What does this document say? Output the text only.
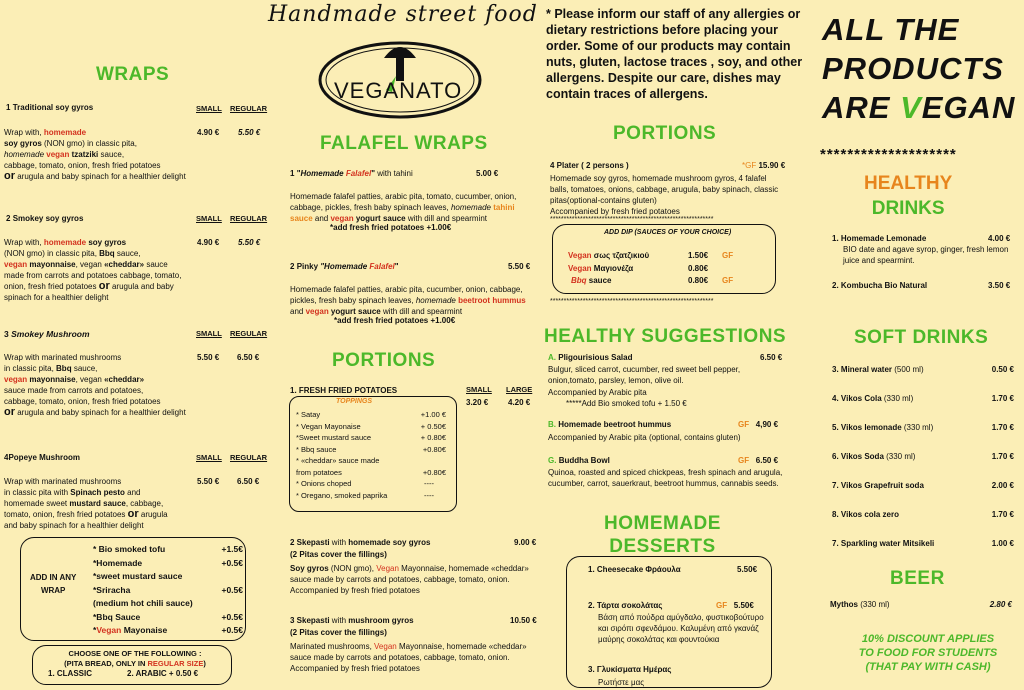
Handmade street food
VEGANATO
* Please inform our staff of any allergies or dietary restrictions before placing your order. Some of our products may contain nuts, gluten, lactose traces , soy, and other allergens. Despite our care, dishes may contain traces of allergens.
ALL THE
PRODUCTS
ARE VEGAN
********************
WRAPS
1 Traditional soy gyros	SMALL REGULAR
4.90 € 5.50 €
Wrap with, homemade
soy gyros (NON gmo) in classic pita,
homemade vegan tzatziki sauce,
cabbage, tomato, onion, fresh fried potatoes
or arugula and baby spinach for a healthier delight
2 Smokey soy gyros	SMALL REGULAR
4.90 € 5.50 €
Wrap with, homemade soy gyros
(NON gmo) in classic pita, Bbq sauce,
vegan mayonnaise, vegan «cheddar» sauce
made from carrots and potatoes cabbage, tomato,
onion, fresh fried potatoes or arugula and baby
spinach for a healthier delight
3 Smokey Mushroom	SMALL REGULAR
5.50 € 6.50 €
Wrap with marinated mushrooms
in classic pita, Bbq sauce,
vegan mayonnaise, vegan «cheddar»
sauce made from carrots and potatoes,
cabbage, tomato, onion, fresh fried potatoes
or arugula and baby spinach for a healthier delight
4Popeye Mushroom	SMALL REGULAR
5.50 € 6.50 €
Wrap with marinated mushrooms
in classic pita with Spinach pesto and
homemade sweet mustard sauce, cabbage,
tomato, onion, fresh fried potatoes or arugula
and baby spinach for a healthier delight
ADD IN ANY
WRAP
* Bio smoked tofu	+1.5€
*Homemade	+0.5€
*sweet mustard sauce
*Sriracha	+0.5€
(medium hot chili sauce)
*Bbq Sauce	+0.5€
*Vegan Mayonaise	+0.5€
CHOOSE ONE OF THE FOLLOWING :
(PITA BREAD, ONLY IN REGULAR SIZE)
1. CLASSIC	2. ARABIC + 0.50 €
FALAFEL WRAPS
1 "Homemade Falafel" with tahini	5.00 €
Homemade falafel patties, arabic pita, tomato, cucumber, onion,
cabbage, pickles, fresh baby spinach leaves, homemade tahini
sauce and vegan yogurt sauce with dill and spearmint
*add fresh fried potatoes +1.00€
2 Pinky "Homemade Falafel"	5.50 €
Homemade falafel patties, arabic pita, cucumber, onion, cabbage,
pickles, fresh baby spinach leaves, homemade beetroot hummus
and vegan yogurt sauce with dill and spearmint
*add fresh fried potatoes +1.00€
PORTIONS
1. FRESH FRIED POTATOES	SMALL LARGE
3.20 € 4.20 €
TOPPINGS
* Satay	+1.00 €
* Vegan Mayonaise	+ 0.50€
*Sweet mustard sauce	+ 0.80€
* Bbq sauce	+0.80€
* «cheddar» sauce made
from potatoes	+0.80€
* Onions choped	----
* Oregano, smoked paprika	----
2 Skepasti with homemade soy gyros	9.00 €
(2 Pitas cover the fillings)
Soy gyros (NON gmo), Vegan Mayonnaise, homemade «cheddar»
sauce made by carrots and potatoes, cabbage, tomato, onion.
Accompanied by fresh fried potatoes
3 Skepasti with mushroom gyros	10.50 €
(2 Pitas cover the fillings)
Marinated mushrooms, Vegan Mayonnaise, homemade «cheddar»
sauce made by carrots and potatoes, cabbage, tomato, onion.
Accompanied by fresh fried potatoes
PORTIONS
4 Plater ( 2 persons )	*GF 15.90 €
Homemade soy gyros, homemade mushroom gyros, 4 falafel balls, tomatoes, onions, cabbage, arugula, baby spinach, classic pitas(optional-contains gluten)
Accompanied by fresh fried potatoes
************************************************************
ADD DIP (SAUCES OF YOUR CHOICE)
Vegan σως τζατζικιού	1.50€	GF
Vegan Μαγιονέζα	0.80€
Bbq sauce	0.80€	GF
************************************************************
HEALTHY SUGGESTIONS
A. Pligourisious Salad	6.50 €
Bulgur, sliced carrot, cucumber, red sweet bell pepper, onion,tomato, parsley, lemon, olive oil.
Accompanied by Arabic pita
*****Add Bio smoked tofu + 1.50 €
B. Homemade beetroot hummus	GF 4,90 €
Accompanied by Arabic pita (optional, contains gluten)
G. Buddha Bowl	GF 6.50 €
Quinoa, roasted and spiced chickpeas, fresh spinach and arugula, cucumber, carrot, sauerkraut, beetroot hummus, cannabis seeds.
HOMEMADE
DESSERTS
1. Cheesecake Φράουλα	5.50€
2. Τάρτα σοκολάτας	GF 5.50€
Βάση από πούδρα αμύγδαλο, φυστικοβούτυρο και σιρόπι σφενδάμου. Καλυμένη από γκανάζ μαύρης σοκολάτας και φουντούκια
3. Γλυκίσματα Ημέρας
Ρωτήστε μας
HEALTHY
DRINKS
1. Homemade Lemonade	4.00 €
BIO date and agave syrop, ginger, fresh lemon juice and spearmint.
2. Kombucha Bio Natural	3.50 €
SOFT DRINKS
3. Mineral water (500 ml)	0.50 €
4. Vikos Cola (330 ml)	1.70 €
5. Vikos lemonade (330 ml)	1.70 €
6. Vikos Soda (330 ml)	1.70 €
7. Vikos Grapefruit soda	2.00 €
8. Vikos cola zero	1.70 €
7. Sparkling water Mitsikeli	1.00 €
BEER
Mythos (330 ml)	2.80 €
10% DISCOUNT APPLIES
TO FOOD FOR STUDENTS
(THAT PAY WITH CASH)
